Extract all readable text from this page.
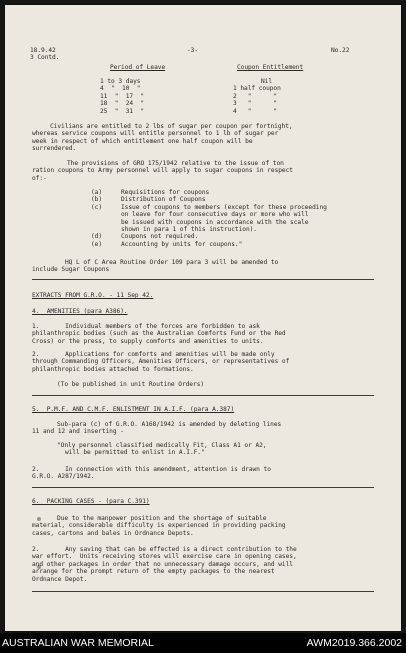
18.9.42
3 Contd.
-3-	No.22
Period of Leave	Coupon Entitlement
1 to 3 days	Nil
4  "  10  "	1 half coupon
11  "  17  "	2   "      "
18  "  24  "	3   "      "
25  "  31  "	4   "      "
Civilians are entitled to 2 lbs of sugar per coupon per fortnight,
whereas service coupons will entitle personnel to 1 lb of sugar per
week in respect of which entitlement one half coupon will be
surrendered.
The provisions of GRO 175/1942 relative to the issue of ton
ration coupons to Army personnel will apply to sugar coupons in respect
of:-
(a)	Requisitions for coupons
(b)	Distribution of Coupons
(c)	Issue of coupons to members (except for these proceeding
on leave for four consecutive days or more who will
be issued with coupons in accordance with the scale
shown in para 1 of this instruction).
(d)	Coupons not required.
(e)	Accounting by units for coupons."
HQ L of C Area Routine Order 109 para 3 will be amended to
include Sugar Coupons
EXTRACTS FROM G.R.O. - 11 Sep 42.
4.  AMENITIES (para A386).
1.       Individual members of the forces are forbidden to ask
philanthropic bodies (such as the Australian Comforts Fund or the Red
Cross) or the press, to supply comforts and amenities to units.
2.       Applications for comforts and amenities will be made only
through Commanding Officers, Amenities Officers, or representatives of
philanthropic bodies attached to formations.
(To be published in unit Routine Orders)
5.  P.M.F. AND C.M.F. ENLISTMENT IN A.I.F. (para A.387)
Sub-para (c) of G.R.O. A168/1942 is amended by deleting lines
11 and 12 and inserting -
"Only personnel classified medically Fit, Class A1 or A2,
will be permitted to enlist in A.I.F."
2.       In connection with this amendment, attention is drawn to
G.R.O. A287/1942.
6.  PACKING CASES - (para C.391)
Due to the manpower position and the shortage of suitable
material, considerable difficulty is experienced in providing packing
cases, cartons and bales in Ordnance Depots.
2.       Any saving that can be effected is a direct contribution to the
war effort.  Units receiving stores will exercise care in opening cases,
and other packages in order that no unnecessary damage occurs, and will
arrange for the prompt return of the empty packages to the nearest
Ordnance Depot.
AUSTRALIAN WAR MEMORIAL	AWM2019.366.2002
